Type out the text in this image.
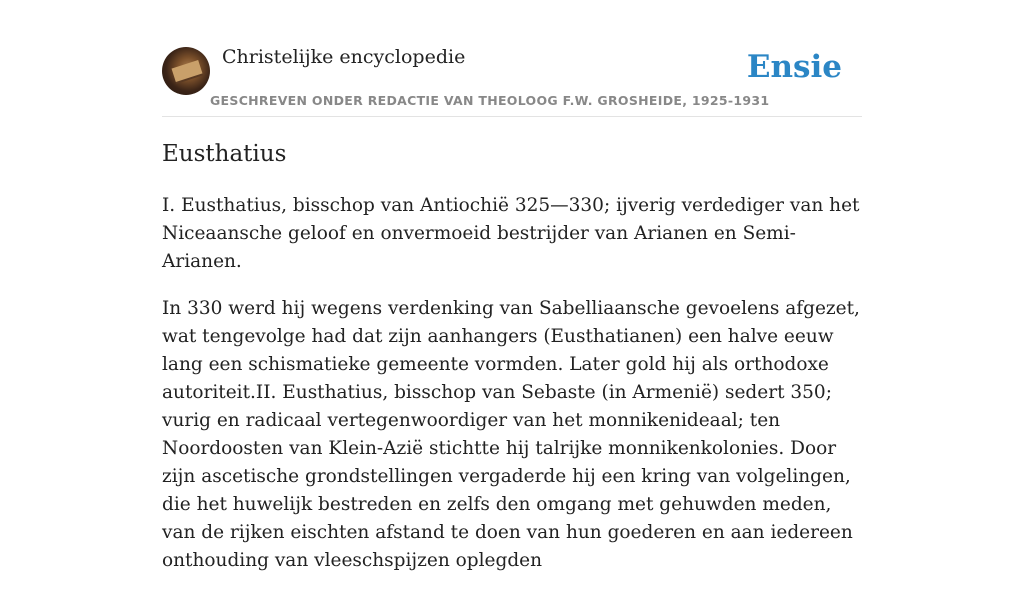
Christelijke encyclopedie
GESCHREVEN ONDER REDACTIE VAN THEOLOOG F.W. GROSHEIDE, 1925-1931
Ensie
Eusthatius

I. Eusthatius, bisschop van Antiochië 325—330; ijverig verdediger van het Niceaansche geloof en onvermoeid bestrijder van Arianen en Semi-Arianen.

In 330 werd hij wegens verdenking van Sabelliaansche gevoelens afgezet, wat tengevolge had dat zijn aanhangers (Eusthatianen) een halve eeuw lang een schismatieke gemeente vormden. Later gold hij als orthodoxe autoriteit.II. Eusthatius, bisschop van Sebaste (in Armenië) sedert 350; vurig en radicaal vertegenwoordiger van het monnikenideaal; ten Noordoosten van Klein-Azië stichtte hij talrijke monnikenkolonies. Door zijn ascetische grondstellingen vergaderde hij een kring van volgelingen, die het huwelijk bestreden en zelfs den omgang met gehuwden meden, van de rijken eischten afstand te doen van hun goederen en aan iedereen onthouding van vleeschspijzen oplegden
